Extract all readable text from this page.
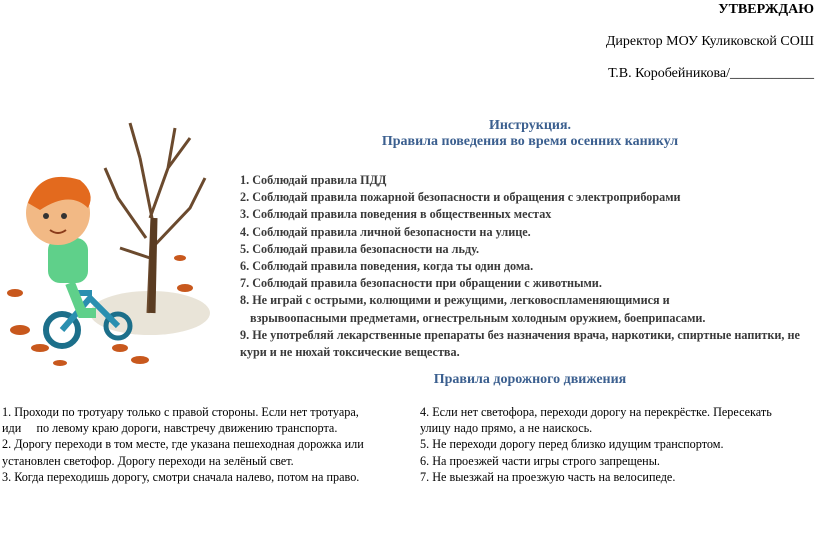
УТВЕРЖДАЮ
Директор МОУ Куликовской СОШ
Т.В. Коробейникова/____________
Инструкция.
Правила поведения во время осенних каникул
1. Соблюдай правила ПДД
2. Соблюдай правила пожарной безопасности и обращения с электроприборами
3. Соблюдай правила поведения в общественных местах
4. Соблюдай правила личной безопасности на улице.
5. Соблюдай правила безопасности на льду.
6. Соблюдай правила поведения, когда ты один дома.
7. Соблюдай правила безопасности при обращении с животными.
8. Не играй с острыми, колющими и режущими, легковоспламеняющимися и
взрывоопасными предметами, огнестрельным холодным оружием, боеприпасами.
9. Не употребляй лекарственные препараты без назначения врача, наркотики, спиртные напитки, не
кури и не нюхай токсические вещества.
Правила дорожного движения
1. Проходи по тротуару только с правой стороны. Если нет тротуара,
иди     по левому краю дороги, навстречу движению транспорта.
2. Дорогу переходи в том месте, где указана пешеходная дорожка или
установлен светофор. Дорогу переходи на зелёный свет.
3. Когда переходишь дорогу, смотри сначала налево, потом на право.
4. Если нет светофора, переходи дорогу на перекрёстке. Пересекать
улицу надо прямо, а не наискось.
5. Не переходи дорогу перед близко идущим транспортом.
6. На проезжей части игры строго запрещены.
7. Не выезжай на проезжую часть на велосипеде.
